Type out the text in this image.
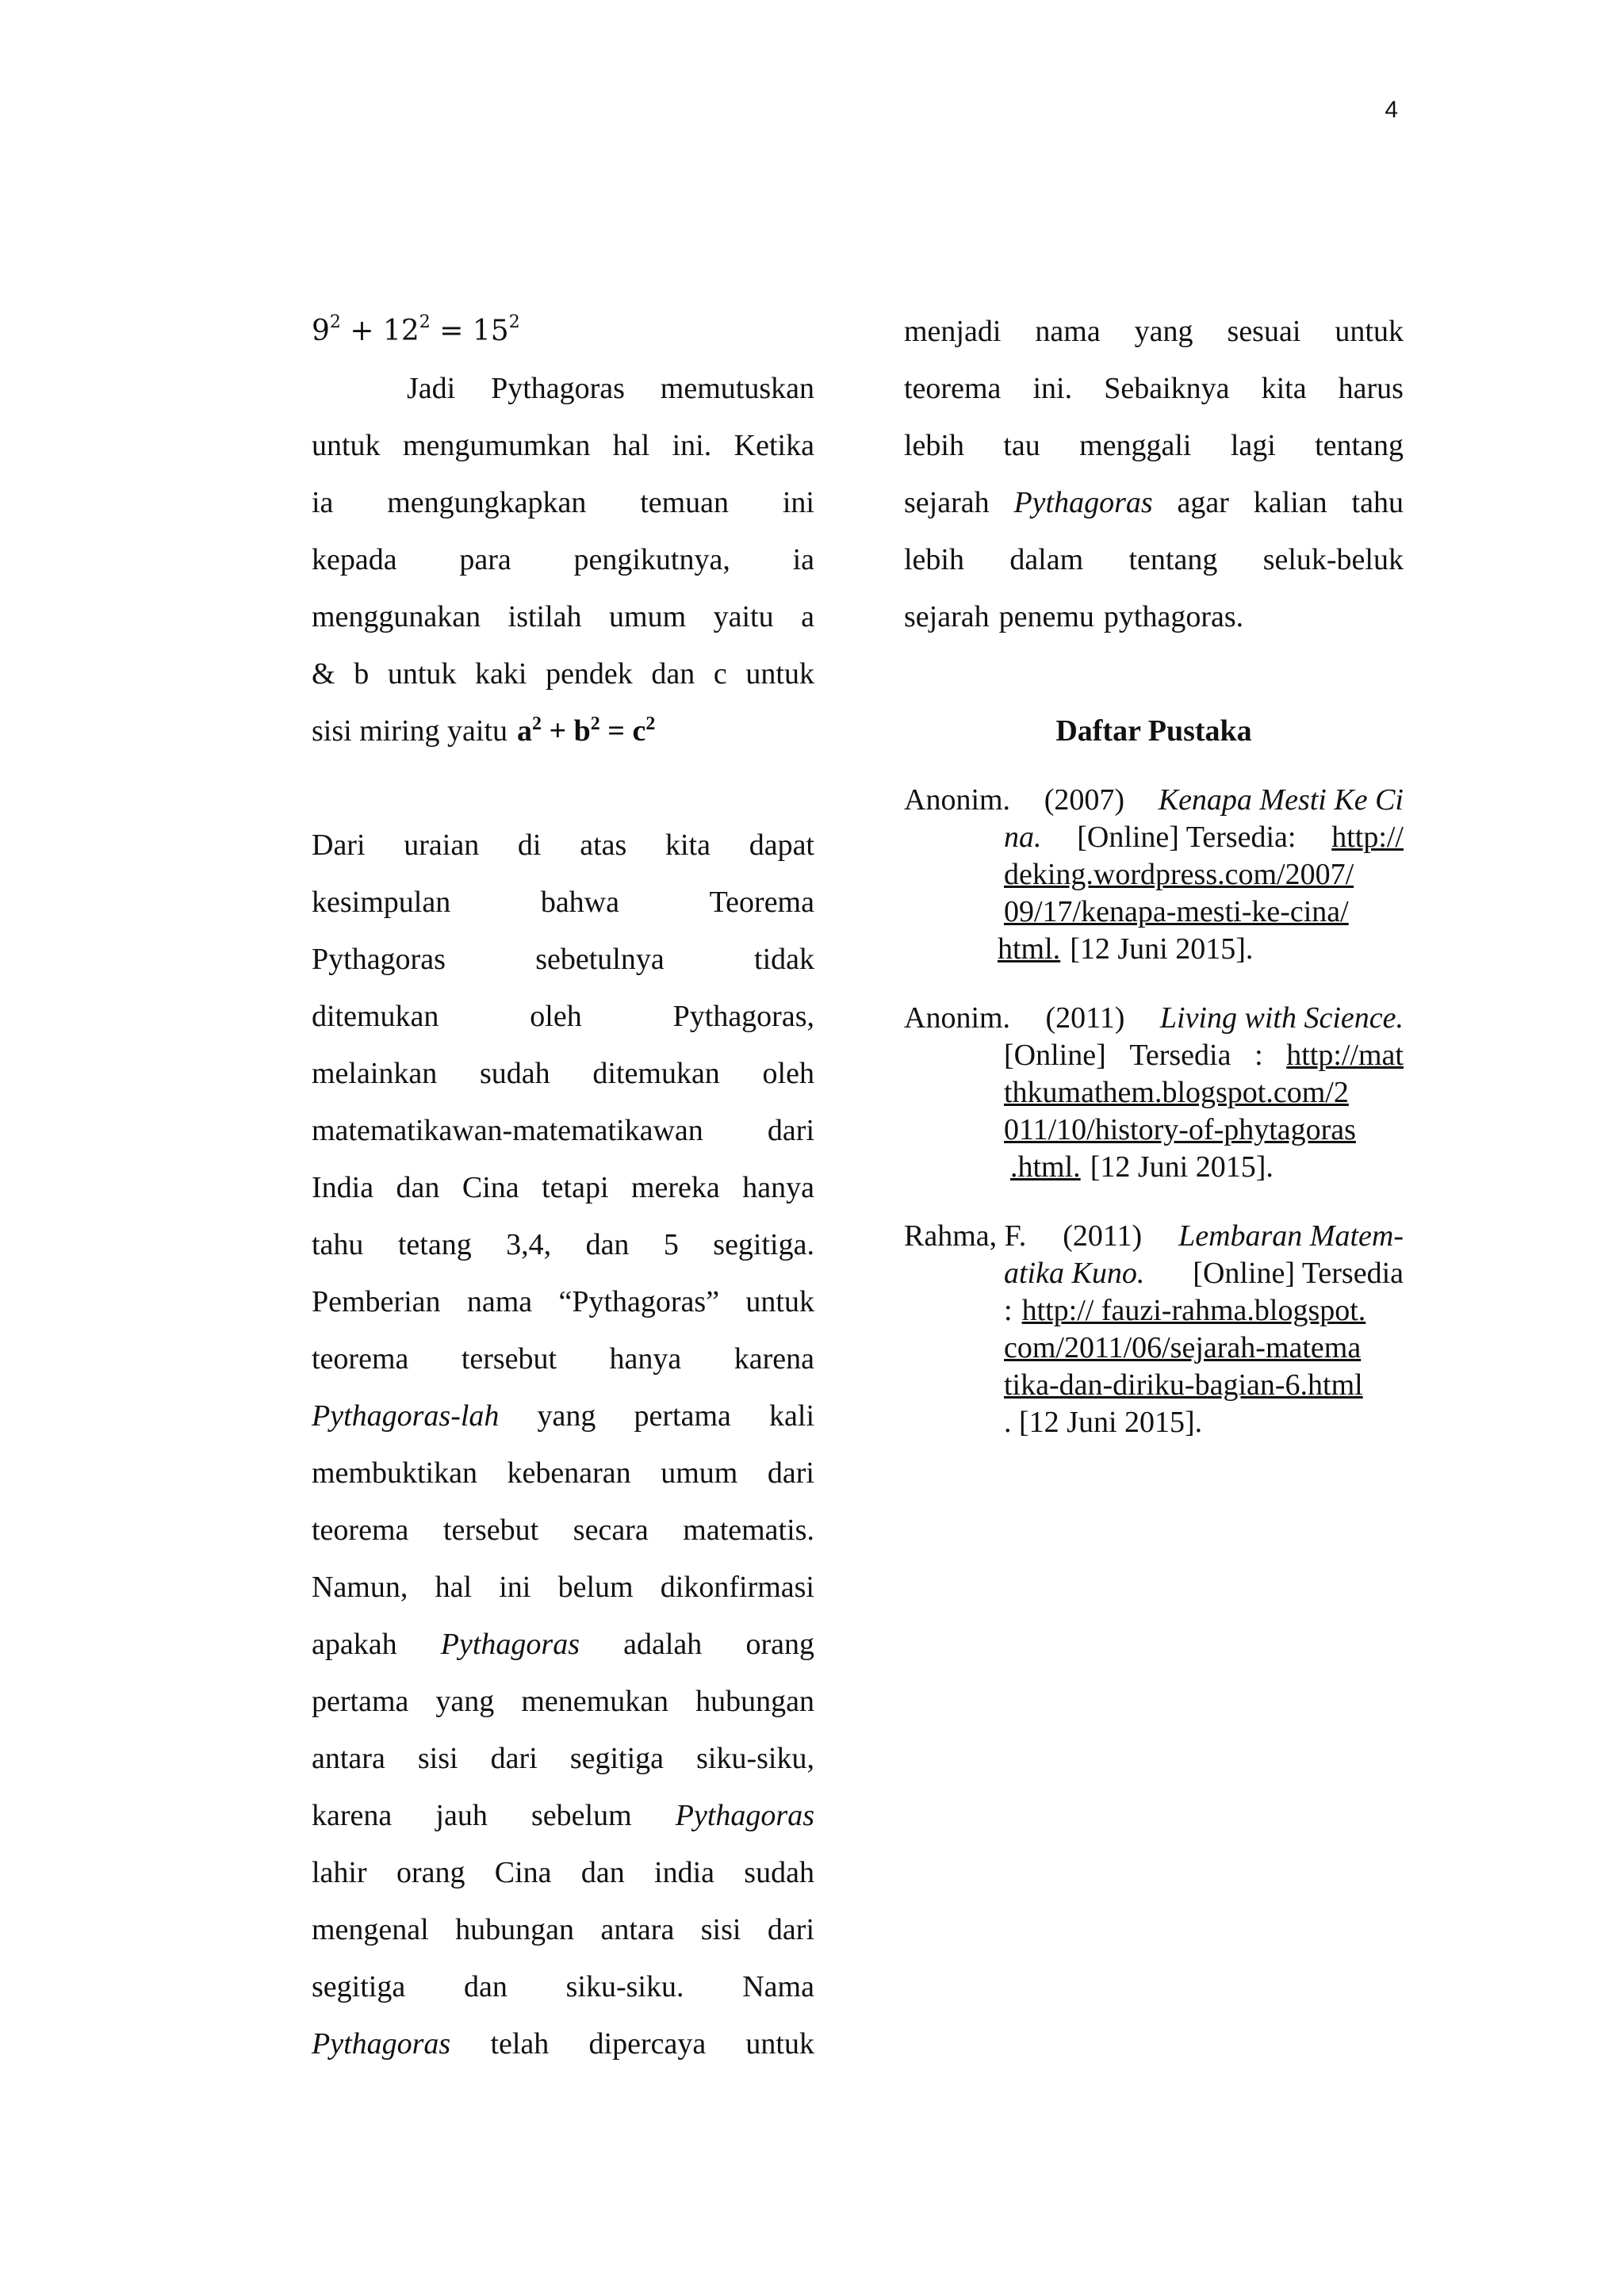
4
$9^2 + 12^2 = 15^2$
Jadi Pythagoras memutuskan
untuk mengumumkan hal ini. Ketika
ia mengungkapkan temuan ini
kepada para pengikutnya, ia
menggunakan istilah umum yaitu a
& b untuk kaki pendek dan c untuk
sisi miring yaitu $a^2 + b^2 = c^2$
Dari uraian di atas kita dapat
kesimpulan	bahwa	Teorema
Pythagoras	sebetulnya	tidak
ditemukan	oleh	Pythagoras,
melainkan sudah ditemukan oleh
matematikawan-matematikawan dari
India dan Cina tetapi mereka hanya
tahu tetang 3,4, dan 5 segitiga.
Pemberian nama “Pythagoras” untuk
teorema tersebut hanya karena
Pythagoras-lah yang pertama kali
membuktikan kebenaran umum dari
teorema tersebut secara matematis.
Namun, hal ini belum dikonfirmasi
apakah Pythagoras adalah orang
pertama yang menemukan hubungan
antara sisi dari segitiga siku-siku,
karena jauh sebelum Pythagoras
lahir orang Cina dan india sudah
mengenal hubungan antara sisi dari
segitiga dan siku-siku. Nama
Pythagoras telah dipercaya untuk
menjadi nama yang sesuai untuk
teorema ini. Sebaiknya kita harus
lebih tau menggali lagi tentang
sejarah Pythagoras agar kalian tahu
lebih dalam tentang seluk-beluk
sejarah penemu pythagoras.
Daftar Pustaka
Anonim. (2007) Kenapa Mesti Ke Ci
na. [Online] Tersedia: http://
deking.wordpress.com/2007/
09/17/kenapa-mesti-ke-cina/
html. [12 Juni 2015].
Anonim. (2011) Living with Science.
[Online] Tersedia : http://mat
thkumathem.blogspot.com/2
011/10/history-of-phytagoras
.html. [12 Juni 2015].
Rahma, F. (2011) Lembaran Matem-
atika Kuno. [Online] Tersedia
: http:// fauzi-rahma.blogspot.
com/2011/06/sejarah-matema
tika-dan-diriku-bagian-6.html
. [12 Juni 2015].
